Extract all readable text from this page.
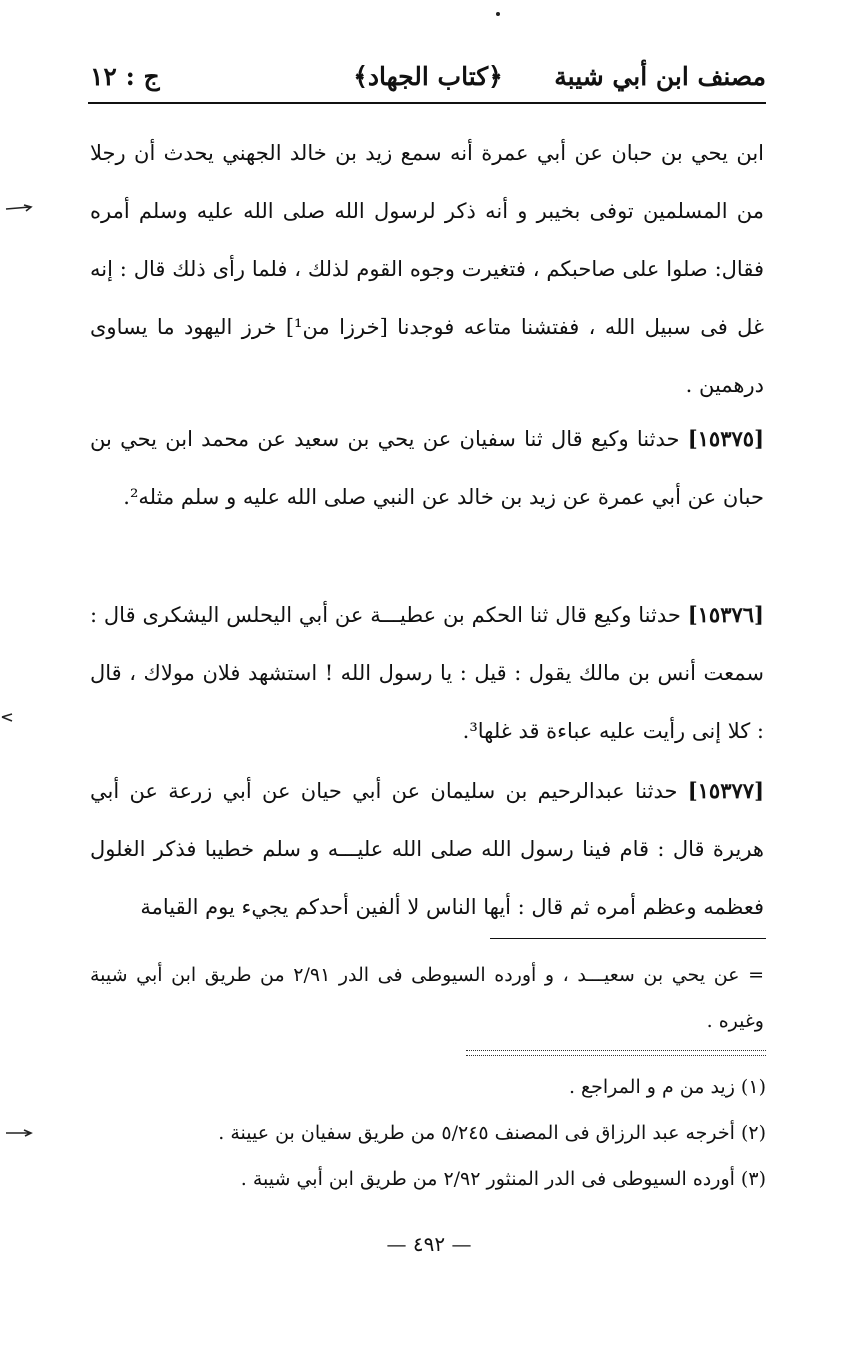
مصنف ابن أبي شيبة
﴿كتاب الجهاد﴾
ج : ١٢
ابن يحي بن حبان عن أبي عمرة أنه سمع زيد بن خالد الجهني يحدث أن رجلا من المسلمين توفى بخيبر و أنه ذكر لرسول الله صلى الله عليه وسلم أمره فقال: صلوا على صاحبكم ، فتغيرت وجوه القوم لذلك ، فلما رأى ذلك قال : إنه غل فى سبيل الله ، ففتشنا متاعه فوجدنا [خرزا من¹] خرز اليهود ما يساوى درهمين .
[١٥٣٧٥] حدثنا وكيع قال ثنا سفيان عن يحي بن سعيد عن محمد ابن يحي بن حبان عن أبي عمرة عن زيد بن خالد عن النبي صلى الله عليه و سلم مثله².
[١٥٣٧٦] حدثنا وكيع قال ثنا الحكم بن عطيـــة عن أبي اليحلس اليشكرى قال : سمعت أنس بن مالك يقول : قيل : يا رسول الله ! استشهد فلان مولاك ، قال : كلا إنى رأيت عليه عباءة قد غلها³.
[١٥٣٧٧] حدثنا عبدالرحيم بن سليمان عن أبي حيان عن أبي زرعة عن أبي هريرة قال : قام فينا رسول الله صلى الله عليـــه و سلم خطيبا فذكر الغلول فعظمه وعظم أمره ثم قال : أيها الناس لا ألفين أحدكم يجيء يوم القيامة
= عن يحي بن سعيـــد ، و أورده السيوطى فى الدر ٢/٩١ من طريق ابن أبي شيبة وغيره .
(١) زيد من م و المراجع .
(٢) أخرجه عبد الرزاق فى المصنف ٥/٢٤٥ من طريق سفيان بن عيينة .
(٣) أورده السيوطى فى الدر المنثور ٢/٩٢ من طريق ابن أبي شيبة .
— ٤٩٢ —
